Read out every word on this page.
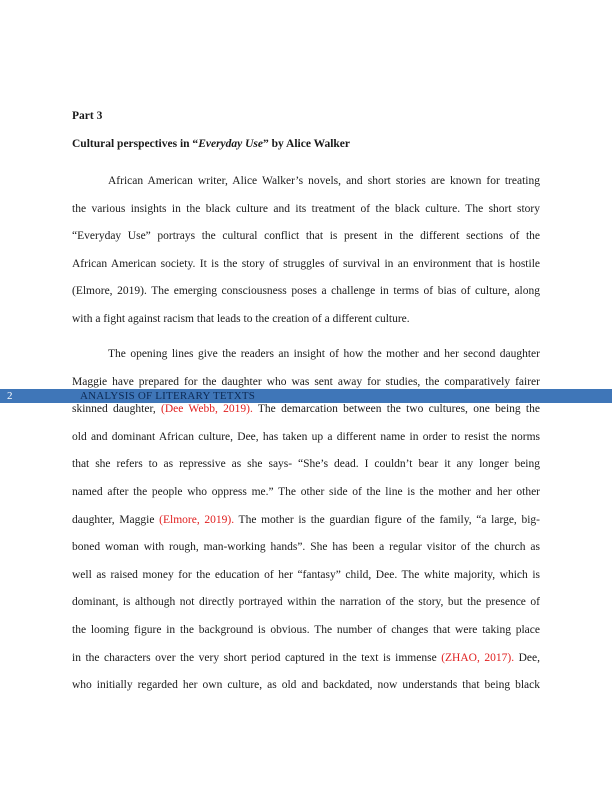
Part 3
Cultural perspectives in “Everyday Use” by Alice Walker
African American writer, Alice Walker’s novels, and short stories are known for treating
the various insights in the black culture and its treatment of the black culture. The short story
“Everyday Use” portrays the cultural conflict that is present in the different sections of the
African American society. It is the story of struggles of survival in an environment that is hostile
(Elmore, 2019). The emerging consciousness poses a challenge in terms of bias of culture, along
with a fight against racism that leads to the creation of a different culture.
The opening lines give the readers an insight of how the mother and her second daughter
Maggie have prepared for the daughter who was sent away for studies, the comparatively fairer
skinned daughter, (Dee Webb, 2019). The demarcation between the two cultures, one being the
old and dominant African culture, Dee, has taken up a different name in order to resist the norms
that she refers to as repressive as she says- “She’s dead. I couldn’t bear it any longer being
named after the people who oppress me.” The other side of the line is the mother and her other
daughter, Maggie (Elmore, 2019). The mother is the guardian figure of the family, “a large, big-
boned woman with rough, man-working hands”. She has been a regular visitor of the church as
well as raised money for the education of her “fantasy” child, Dee. The white majority, which is
dominant, is although not directly portrayed within the narration of the story, but the presence of
the looming figure in the background is obvious. The number of changes that were taking place
in the characters over the very short period captured in the text is immense (ZHAO, 2017). Dee,
who initially regarded her own culture, as old and backdated, now understands that being black
2	ANALYSIS OF LITERARY TETXTS
